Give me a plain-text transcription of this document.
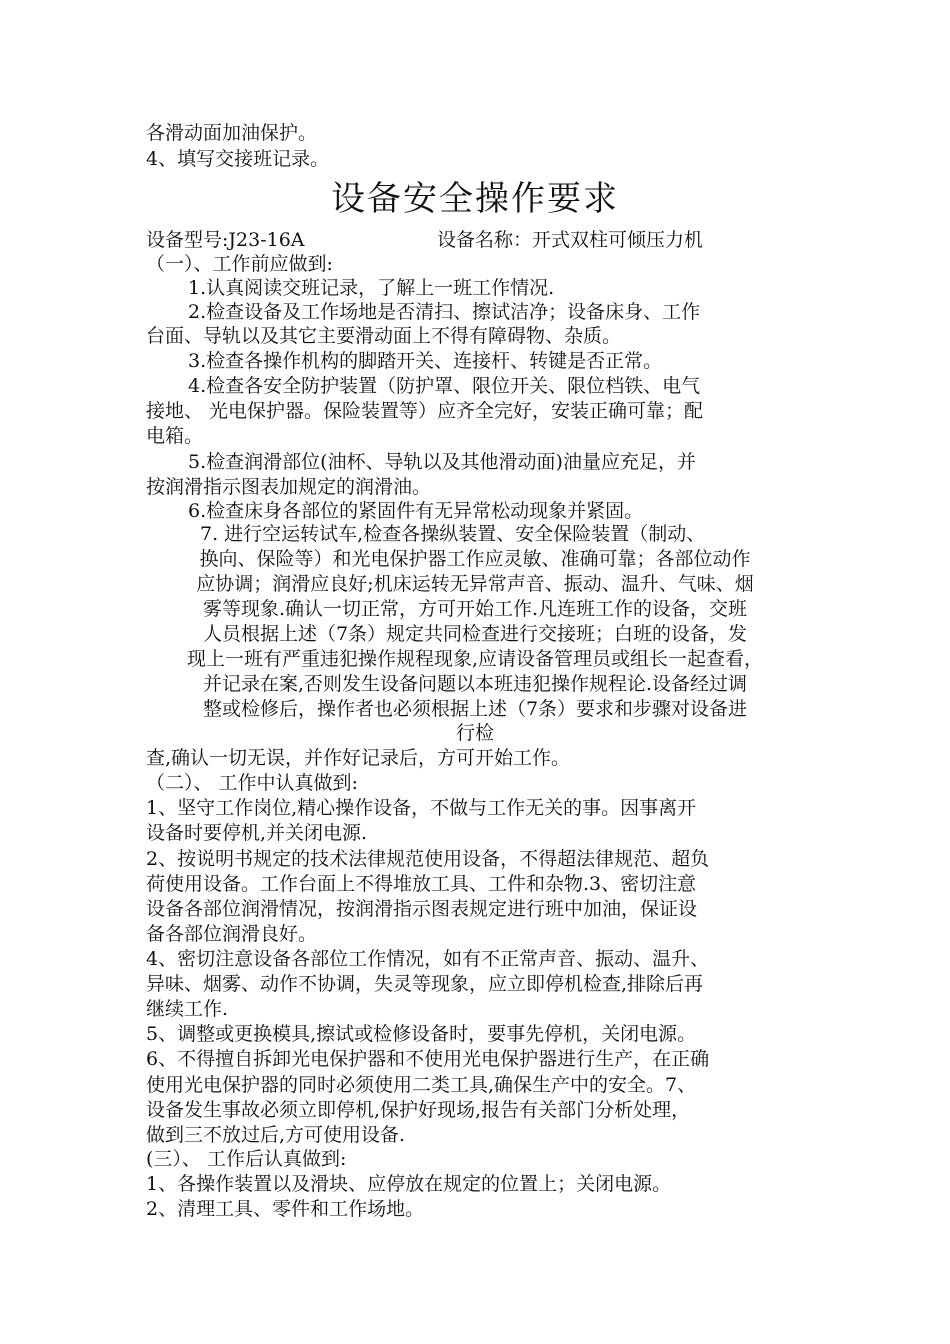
各滑动面加油保护。
4、填写交接班记录。
设备安全操作要求
设备型号:J23-16A	设备名称：开式双柱可倾压力机
（一）、工作前应做到:
1.认真阅读交班记录，了解上一班工作情况.
2.检查设备及工作场地是否清扫、擦试洁净；设备床身、工作
台面、导轨以及其它主要滑动面上不得有障碍物、杂质。
3.检查各操作机构的脚踏开关、连接杆、转键是否正常。
4.检查各安全防护装置（防护罩、限位开关、限位档铁、电气
接地、 光电保护器。保险装置等）应齐全完好，安装正确可靠；配
电箱。
5.检查润滑部位(油杯、导轨以及其他滑动面)油量应充足，并
按润滑指示图表加规定的润滑油。
6.检查床身各部位的紧固件有无异常松动现象并紧固。
7. 进行空运转试车,检查各操纵装置、安全保险装置（制动、
换向、保险等）和光电保护器工作应灵敏、准确可靠；各部位动作
应协调；润滑应良好;机床运转无异常声音、振动、温升、气味、烟
雾等现象.确认一切正常，方可开始工作.凡连班工作的设备，交班
人员根据上述（7条）规定共同检查进行交接班；白班的设备，发
现上一班有严重违犯操作规程现象,应请设备管理员或组长一起查看，
并记录在案,否则发生设备问题以本班违犯操作规程论.设备经过调
整或检修后，操作者也必须根据上述（7条）要求和步骤对设备进
行检
查,确认一切无误，并作好记录后，方可开始工作。
（二）、 工作中认真做到:
1、坚守工作岗位,精心操作设备，不做与工作无关的事。因事离开
设备时要停机,并关闭电源.
2、按说明书规定的技术法律规范使用设备，不得超法律规范、超负
荷使用设备。工作台面上不得堆放工具、工件和杂物.3、密切注意
设备各部位润滑情况，按润滑指示图表规定进行班中加油，保证设
备各部位润滑良好。
4、密切注意设备各部位工作情况，如有不正常声音、振动、温升、
异味、烟雾、动作不协调，失灵等现象，应立即停机检查,排除后再
继续工作.
5、调整或更换模具,擦试或检修设备时，要事先停机，关闭电源。
6、不得擅自拆卸光电保护器和不使用光电保护器进行生产，在正确
使用光电保护器的同时必须使用二类工具,确保生产中的安全。7、
设备发生事故必须立即停机,保护好现场,报告有关部门分析处理，
做到三不放过后,方可使用设备.
(三）、 工作后认真做到:
1、各操作装置以及滑块、应停放在规定的位置上；关闭电源。
2、清理工具、零件和工作场地。
